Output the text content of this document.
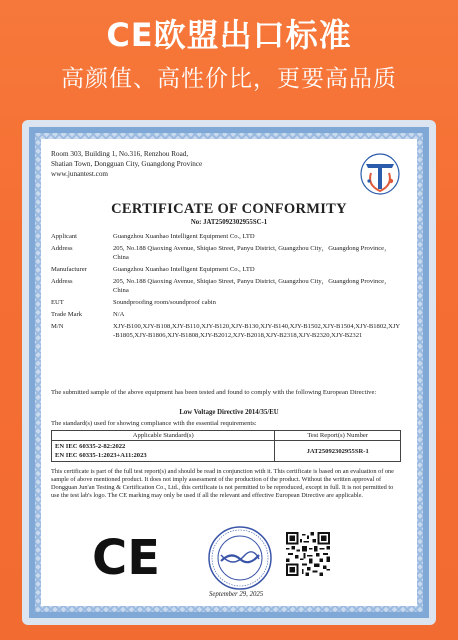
CE欧盟出口标准
高颜值、高性价比，更要高品质
Room 303, Building 1, No.316, Renzhou Road,
Shatian Town, Dongguan City, Guangdong Province
www.junantest.com
CERTIFICATE OF CONFORMITY
No: JAT25092302955SC-1
Applicant	Guangzhou Xuanhao Intelligent Equipment Co., LTD
Address	205, No.188 Qiaoxing Avenue, Shiqiao Street, Panyu District, Guangzhou City，Guangdong Province，China
Manufacturer	Guangzhou Xuanhao Intelligent Equipment Co., LTD
Address	205, No.188 Qiaoxing Avenue, Shiqiao Street, Panyu District, Guangzhou City，Guangdong Province，China
EUT	Soundproofing room/soundproof cabin
Trade Mark	N/A
M/N	XJY-B100,XJY-B108,XJY-B110,XJY-B120,XJY-B130,XJY-B140,XJY-B1502,XJY-B1504,XJY-B1802,XJY-B1805,XJY-B1806,XJY-B1808,XJY-B2012,XJY-B2018,XJY-B2318,XJY-B2320,XJY-B2321
The submitted sample of the above equipment has been tested and found to comply with the following European Directive:
Low Voltage Directive 2014/35/EU
The standard(s) used for showing compliance with the essential requirements:
Applicable Standard(s)	Test Report(s) Number

EN IEC 60335-2-82:2022
EN IEC 60335-1:2023+A11:2023	JAT25092302955SR-1
This certificate is part of the full test report(s) and should be read in conjunction with it. This certificate is based on an evaluation of one sample of above mentioned product. It does not imply assessment of the production of the product. Without the written approval of Dongguan Jun'an Testing & Certification Co., Ltd., this certificate is not permitted to be reproduced, except in full. It is not permitted to use the test lab's logo. The CE marking may only be used if all the relevant and effective European Directive are applicable.
CE
September 29, 2025
